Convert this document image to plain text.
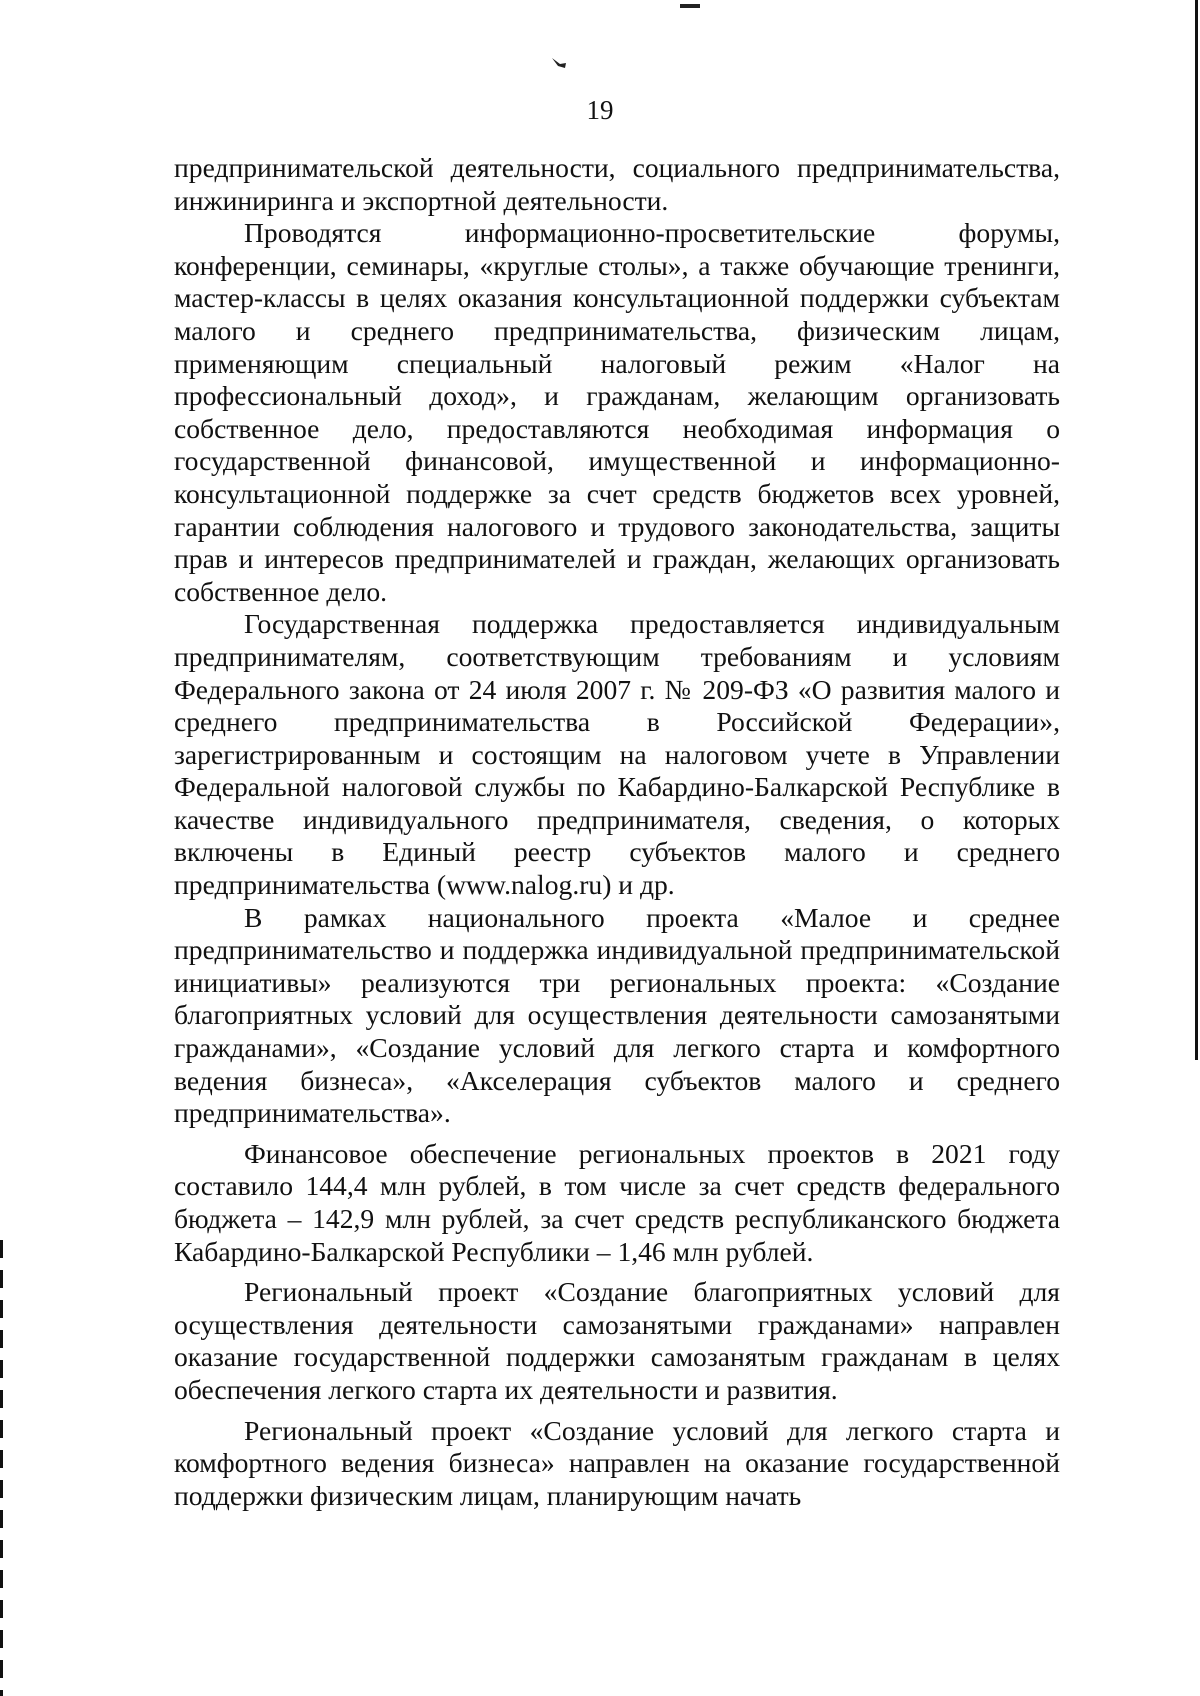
19

предпринимательской деятельности, социального предпринимательства, инжиниринга и экспортной деятельности.

Проводятся информационно-просветительские форумы, конференции, семинары, «круглые столы», а также обучающие тренинги, мастер-классы в целях оказания консультационной поддержки субъектам малого и среднего предпринимательства, физическим лицам, применяющим специальный налоговый режим «Налог на профессиональный доход», и гражданам, желающим организовать собственное дело, предоставляются необходимая информация о государственной финансовой, имущественной и информационно-консультационной поддержке за счет средств бюджетов всех уровней, гарантии соблюдения налогового и трудового законодательства, защиты прав и интересов предпринимателей и граждан, желающих организовать собственное дело.

Государственная поддержка предоставляется индивидуальным предпринимателям, соответствующим требованиям и условиям Федерального закона от 24 июля 2007 г. № 209-ФЗ «О развития малого и среднего предпринимательства в Российской Федерации», зарегистрированным и состоящим на налоговом учете в Управлении Федеральной налоговой службы по Кабардино-Балкарской Республике в качестве индивидуального предпринимателя, сведения, о которых включены в Единый реестр субъектов малого и среднего предпринимательства (www.nalog.ru) и др.

В рамках национального проекта «Малое и среднее предпринимательство и поддержка индивидуальной предпринимательской инициативы» реализуются три региональных проекта: «Создание благоприятных условий для осуществления деятельности самозанятыми гражданами», «Создание условий для легкого старта и комфортного ведения бизнеса», «Акселерация субъектов малого и среднего предпринимательства».

Финансовое обеспечение региональных проектов в 2021 году составило 144,4 млн рублей, в том числе за счет средств федерального бюджета – 142,9 млн рублей, за счет средств республиканского бюджета Кабардино-Балкарской Республики – 1,46 млн рублей.

Региональный проект «Создание благоприятных условий для осуществления деятельности самозанятыми гражданами» направлен оказание государственной поддержки самозанятым гражданам в целях обеспечения легкого старта их деятельности и развития.

Региональный проект «Создание условий для легкого старта и комфортного ведения бизнеса» направлен на оказание государственной поддержки физическим лицам, планирующим начать
